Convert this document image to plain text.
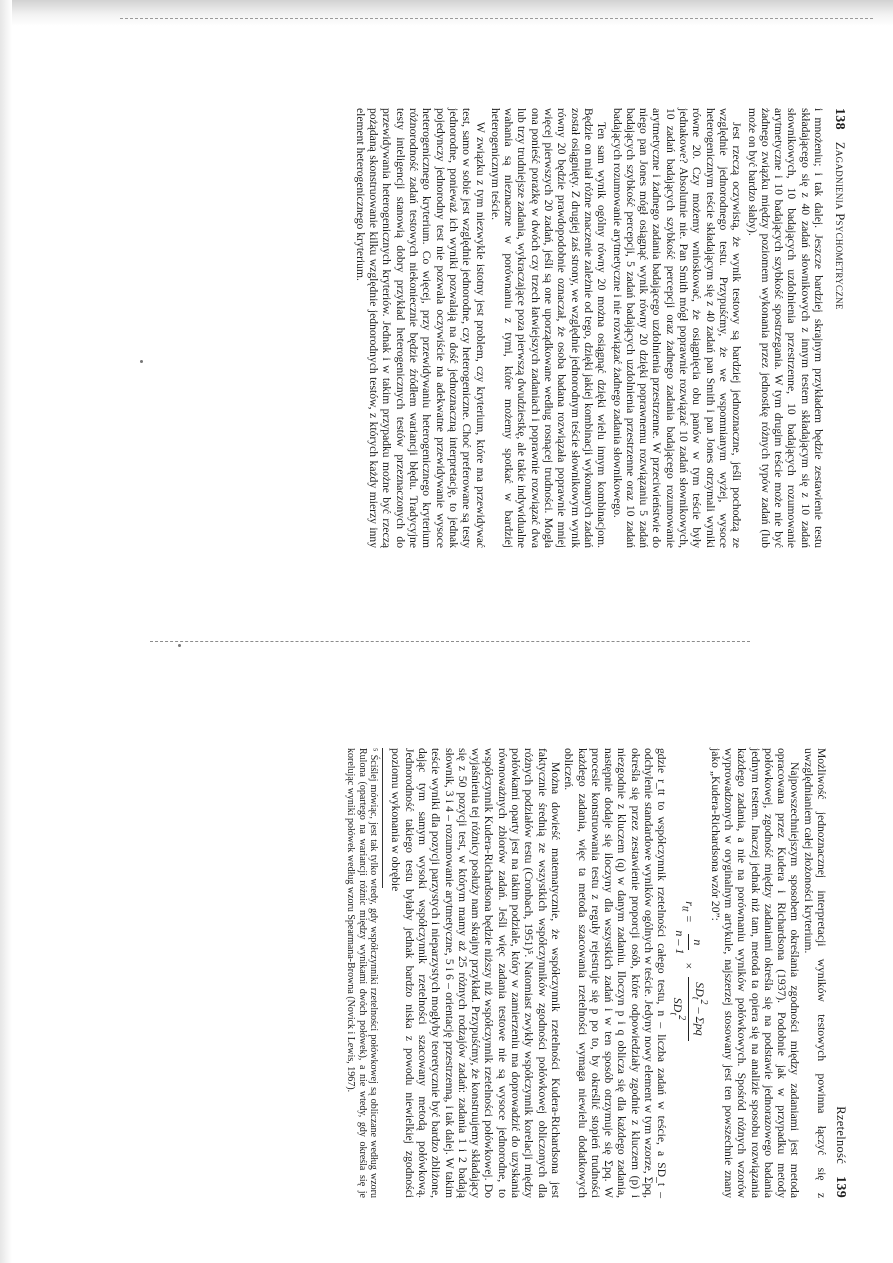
138
Zagadnienia Psychometryczne

i mnożeniu; i tak dalej. Jeszcze bardziej skrajnym przykładem będzie zestawienie testu składającego się z 40 zadań słownikowych z innym testem składającym się z 10 zadań słownikowych, 10 badających uzdolnienia przestrzenne, 10 badających rozumowanie arytmetyczne i 10 badających szybkość spostrzegania. W tym drugim teście może nie być żadnego związku między poziomem wykonania przez jednostkę różnych typów zadań (lub może on być bardzo słaby).

Jest rzeczą oczywistą, że wynik testowy są bardziej jednoznaczne, jeśli pochodzą ze względnie jednorodnego testu. Przypuśćmy, że we wspomnianym wyżej, wysoce heterogenicznym teście składającym się z 40 zadań pan Smith i pan Jones otrzymali wyniki równe 20. Czy możemy wnioskować, że osiągnięcia obu panów w tym teście były jednakowe? Absolutnie nie. Pan Smith mógł poprawnie rozwiązać 10 zadań słownikowych, 10 zadań badających szybkość percepcji oraz żadnego zadania badającego rozumowanie arytmetyczne i żadnego zadania badającego uzdolnienia przestrzenne. W przeciwieństwie do niego pan Jones mógł osiągnąć wynik równy 20 dzięki poprawnemu rozwiązaniu 5 zadań badających szybkość percepcji, 5 zadań badających uzdolnienia przestrzenne oraz 10 zadań badających rozumowanie arytmetyczne i nie rozwiązać żadnego zadania słownikowego.

Ten sam wynik ogólny równy 20 można osiągnąć dzięki wielu innym kombinacjom. Będzie on miał różne znaczenie zależnie od tego, dzięki jakiej kombinacji wykonanych zadań został osiągnięty. Z drugiej zaś strony, we względnie jednorodnym teście słownikowym wynik równy 20 będzie prawdopodobnie oznaczał, że osoba badana rozwiązała poprawnie mniej więcej pierwszych 20 zadań, jeśli są one uporządkowane według rosnącej trudności. Mogła ona ponieść porażkę w dwóch czy trzech łatwiejszych zadaniach i poprawnie rozwiązać dwa lub trzy trudniejsze zadania, wykraczające poza pierwszą dwudziestkę, ale takie indywidualne wahania są nieznaczne w porównaniu z tymi, które możemy spotkać w bardziej heterogenicznym teście.

W związku z tym niezwykle istotny jest problem, czy kryterium, które ma przewidywać test, samo w sobie jest względnie jednorodne, czy heterogeniczne. Choć preferowane są testy jednorodne, ponieważ ich wyniki pozwalają na dość jednoznaczną interpretację, to jednak pojedynczy jednorodny test nie pozwala oczywiście na adekwatne przewidywanie wysoce heterogenicznego kryterium. Co więcej, przy przewidywaniu heterogenicznego kryterium różnorodność zadań testowych niekoniecznie będzie źródłem wariancji błędu. Tradycyjne testy inteligencji stanowią dobry przykład heterogenicznych testów przeznaczonych do przewidywania heterogenicznych kryteriów. Jednak i w takim przypadku możne być rzeczą pożądaną skonstruowanie kilku względnie jednorodnych testów, z których każdy mierzy inny element heterogenicznego kryterium.

Rzetelność
139

Możliwość jednoznacznej interpretacji wyników testowych powinna łączyć się z uwzględnianiem całej złożoności kryterium.

Najpowszechniejszym sposobem określania zgodności między zadaniami jest metoda opracowana przez Kudera i Richardsona (1937). Podobnie jak w przypadku metody połówkowej, zgodność między zadaniami określa się na podstawie jednorazowego badania jednym testem. Inaczej jednak niż tam, metoda ta opiera się na analizie sposobu rozwiązania każdego zadania, a nie na porównaniu wyników połówkowych. Spośród różnych wzorów wyprowadzonych w oryginalnym artykule, najszerzej stosowany jest ten powszechnie znany jako „Kudera-Richardsona wzór 20”:

$r_{tt}$
=
n
n – 1
×
$SD_t^2$ – Σpq
$SD_t^2$

gdzie r_tt to współczynnik rzetelności całego testu, n – liczba zadań w teście, a SD_t – odchylenie standardowe wyników ogólnych w teście. Jedyny nowy element w tym wzorze, Σpq, określa się przez zestawienie proporcji osób, które odpowiedziały zgodnie z kluczem (p) i niezgodnie z kluczem (q) w danym zadaniu. Iloczyn p i q oblicza się dla każdego zadania, następnie dodaje się iloczyny dla wszystkich zadań i w ten sposób otrzymuje się Σpq. W procesie konstruowania testu z reguły rejestruje się p po to, by określić stopień trudności każdego zadania, więc ta metoda szacowania rzetelności wymaga niewielu dodatkowych obliczeń.

Można dowieść matematycznie, że współczynnik rzetelności Kudera-Richardsona jest faktycznie średnią ze wszystkich współczynników zgodności połówkowej obliczonych dla różnych podziałów testu (Cronbach, 1951)⁵. Natomiast zwykły współczynnik korelacji między połówkami oparty jest na takim podziale, który w zamierzeniu ma doprowadzić do uzyskania równoważnych zbiorów zadań. Jeśli więc zadania testowe nie są wysoce jednorodne, to współczynnik Kudera-Richardsona będzie niższy niż współczynnik rzetelności połówkowej. Do wyjaśnienia tej różnicy posłuży nam skrajny przykład. Przypuśćmy, że konstruujemy składający się z 50 pozycji test, w którym mamy aż 25 różnych rodzajów zadań: zadania 1 i 2 badają słownik, 3 i 4 – rozumowanie arytmetyczne, 5 i 6 – orientację przestrzenną, i tak dalej. W takim teście wyniki dla pozycji parzystych i nieparzystych mogłyby teoretycznie być bardzo zbliżone, dając tym samym wysoki współczynnik rzetelności szacowany metodą połówkową. Jednorodność takiego testu byłaby jednak bardzo niska z powodu niewielkiej zgodności poziomu wykonania w obrębie

⁵ Ściślej mówiąc, jest tak tylko wtedy, gdy współczynniki rzetelności połówkowej są obliczane według wzoru Rulona (opartego na wariancji różnic między wynikami dwóch połówek), a nie wtedy, gdy określa się je korelując wyniki połówek według wzoru Spearmana-Browna (Novick i Lewis, 1967).
